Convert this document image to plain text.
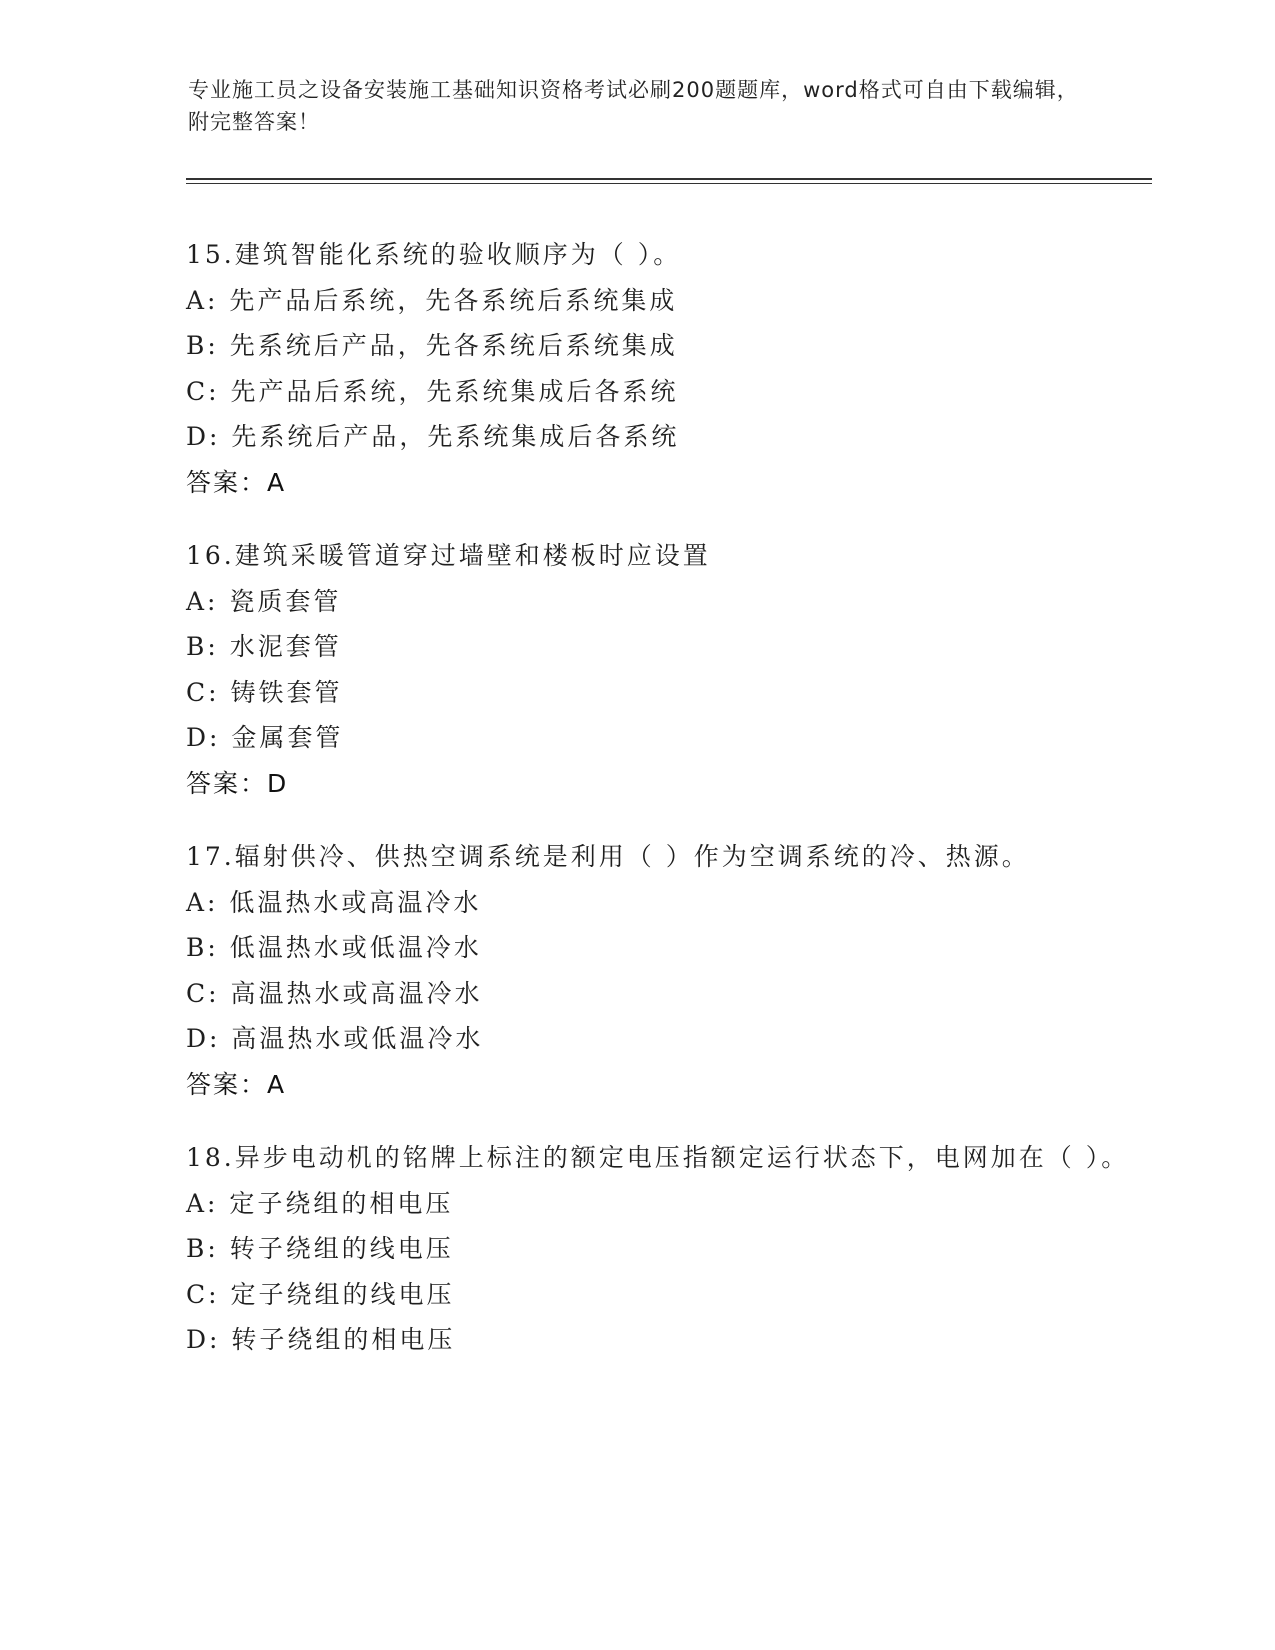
专业施工员之设备安装施工基础知识资格考试必刷200题题库，word格式可自由下载编辑，附完整答案！
15.建筑智能化系统的验收顺序为（ ）。
A: 先产品后系统，先各系统后系统集成
B: 先系统后产品，先各系统后系统集成
C: 先产品后系统，先系统集成后各系统
D: 先系统后产品，先系统集成后各系统
答案：A
16.建筑采暖管道穿过墙壁和楼板时应设置
A: 瓷质套管
B: 水泥套管
C: 铸铁套管
D: 金属套管
答案：D
17.辐射供冷、供热空调系统是利用（ ）作为空调系统的冷、热源。
A: 低温热水或高温冷水
B: 低温热水或低温冷水
C: 高温热水或高温冷水
D: 高温热水或低温冷水
答案：A
18.异步电动机的铭牌上标注的额定电压指额定运行状态下，电网加在（ ）。
A: 定子绕组的相电压
B: 转子绕组的线电压
C: 定子绕组的线电压
D: 转子绕组的相电压
